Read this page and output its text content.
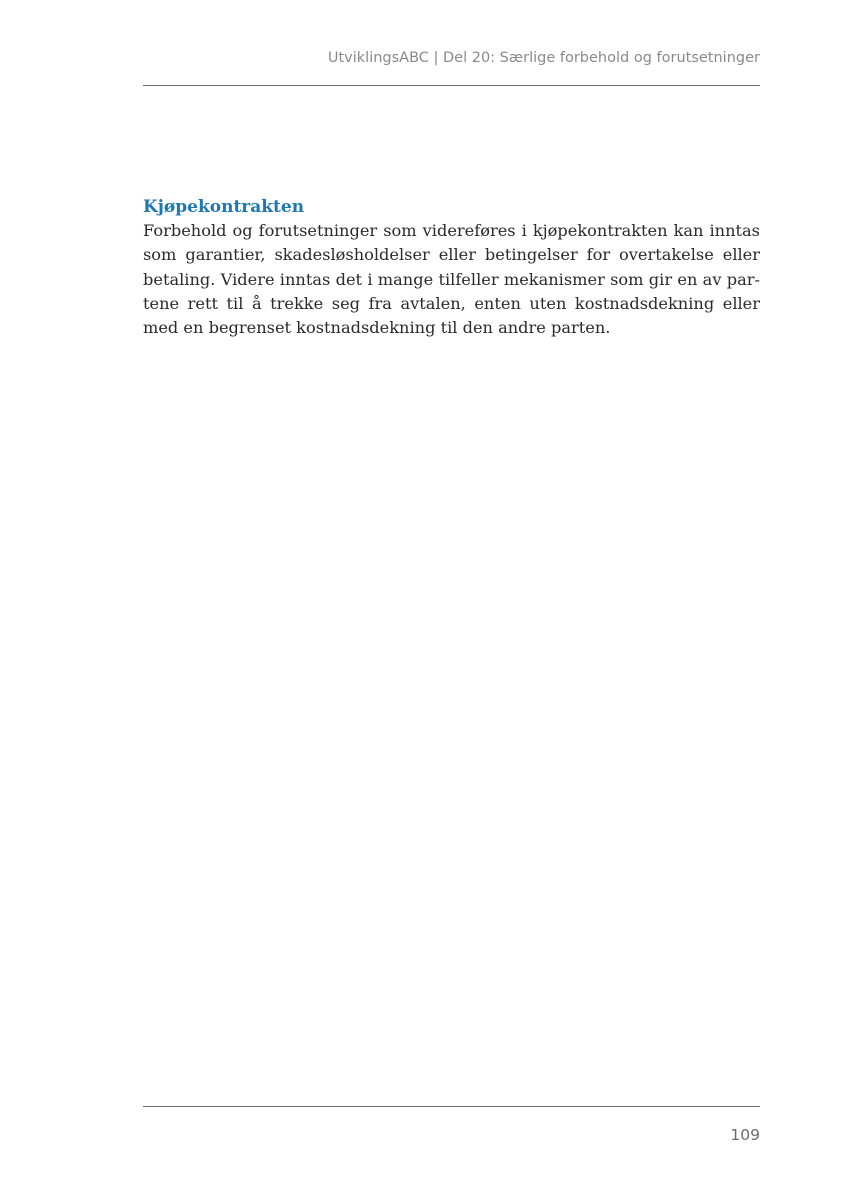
UtviklingsABC | Del 20: Særlige forbehold og forutsetninger
Kjøpekontrakten

Forbehold og forutsetninger som videreføres i kjøpekontrakten kan inntas som garantier, skadesløsholdelser eller betingelser for overtakelse eller betaling. Videre inntas det i mange tilfeller mekanismer som gir en av partene rett til å trekke seg fra avtalen, enten uten kostnadsdekning eller med en begrenset kostnadsdekning til den andre parten.

109
